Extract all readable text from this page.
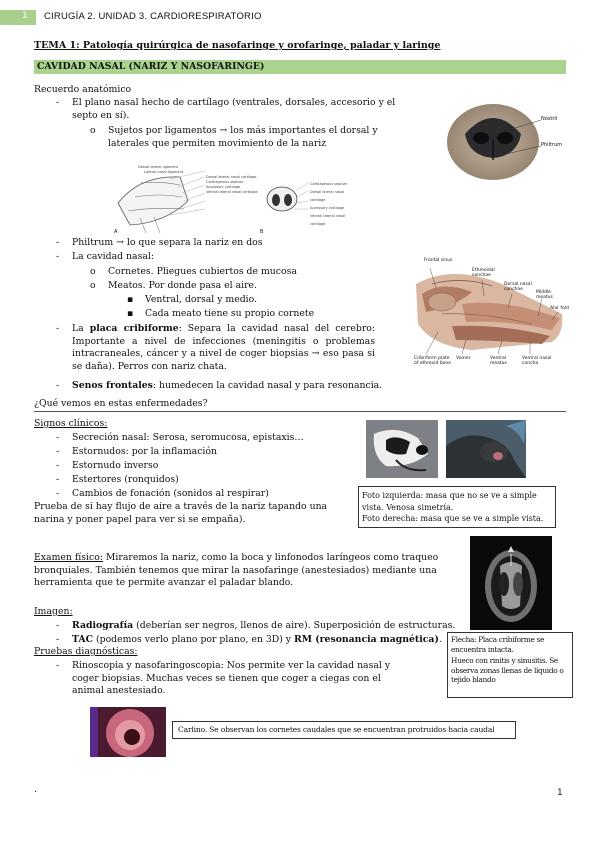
1 CIRUGÍA 2. UNIDAD 3. CARDIORESPIRATORIO
TEMA 1: Patología quirúrgica de nasofaringe y orofaringe, paladar y laringe
CAVIDAD NASAL (NARIZ Y NASOFARINGE)
Recuerdo anatómico
- El plano nasal hecho de cartílago (ventrales, dorsales, accesorio y el septo en sí).
o Sujetos por ligamentos → los más importantes el dorsal y laterales que permiten movimiento de la nariz
Dorsal lateral ligament
Lateral nasal ligament
Dorsal lateral nasal cartilage
Cartilaginous septum
Accessory cartilage
Ventral lateral nasal cartilage
Cartilaginous septum
Dorsal lateral nasal cartilage
Accessory cartilage
Ventral lateral nasal cartilage
A	B
Nostril
Philtrum
- Philtrum → lo que separa la nariz en dos
- La cavidad nasal:
o Cornetes. Pliegues cubiertos de mucosa
o Meatos. Por donde pasa el aire.
▪ Ventral, dorsal y medio.
▪ Cada meato tiene su propio cornete
- La placa cribiforme: Separa la cavidad nasal del cerebro: Importante a nivel de infecciones (meningitis o problemas intracraneales, cáncer y a nivel de coger biopsias → eso pasa si se daña). Perros con nariz chata.
- Senos frontales: humedecen la cavidad nasal y para resonancia.
Frontal sinus
Ethmoidal conchae
Dorsal nasal conchae
Middle meatus
Alar fold
Cribriform plate of ethmoid bone
Vomer	Ventral meatus
Ventral nasal concha
¿Qué vemos en estas enfermedades?
Signos clínicos:
- Secreción nasal: Serosa, seromucosa, epistaxis…
- Estornudos: por la inflamación
- Estornudo inverso
- Estertores (ronquidos)
- Cambios de fonación (sonidos al respirar)
Prueba de si hay flujo de aire a través de la nariz tapando una narina y poner papel para ver si se empaña).
Foto izquierda: masa que no se ve a simple vista. Venosa simetría.
Foto derecha: masa que se ve a simple vista.
Examen físico: Miraremos la nariz, como la boca y linfonodos laríngeos como traqueo bronquiales. También tenemos que mirar la nasofaringe (anestesiados) mediante una herramienta que te permite avanzar el paladar blando.
Imagen:
- Radiografía (deberían ser negros, llenos de aire). Superposición de estructuras.
- TAC (podemos verlo plano por plano, en 3D) y RM (resonancia magnética).
Pruebas diagnósticas:
- Rinoscopia y nasofaringoscopia: Nos permite ver la cavidad nasal y coger biopsias. Muchas veces se tienen que coger a ciegas con el animal anestesiado.
Flecha: Placa cribiforme se encuentra intacta.
Hueco con rinitis y sinusitis. Se observa zonas llenas de líquido o tejido blando
Carlino. Se observan los cornetes caudales que se encuentran protruidos hacia caudal
·	1
